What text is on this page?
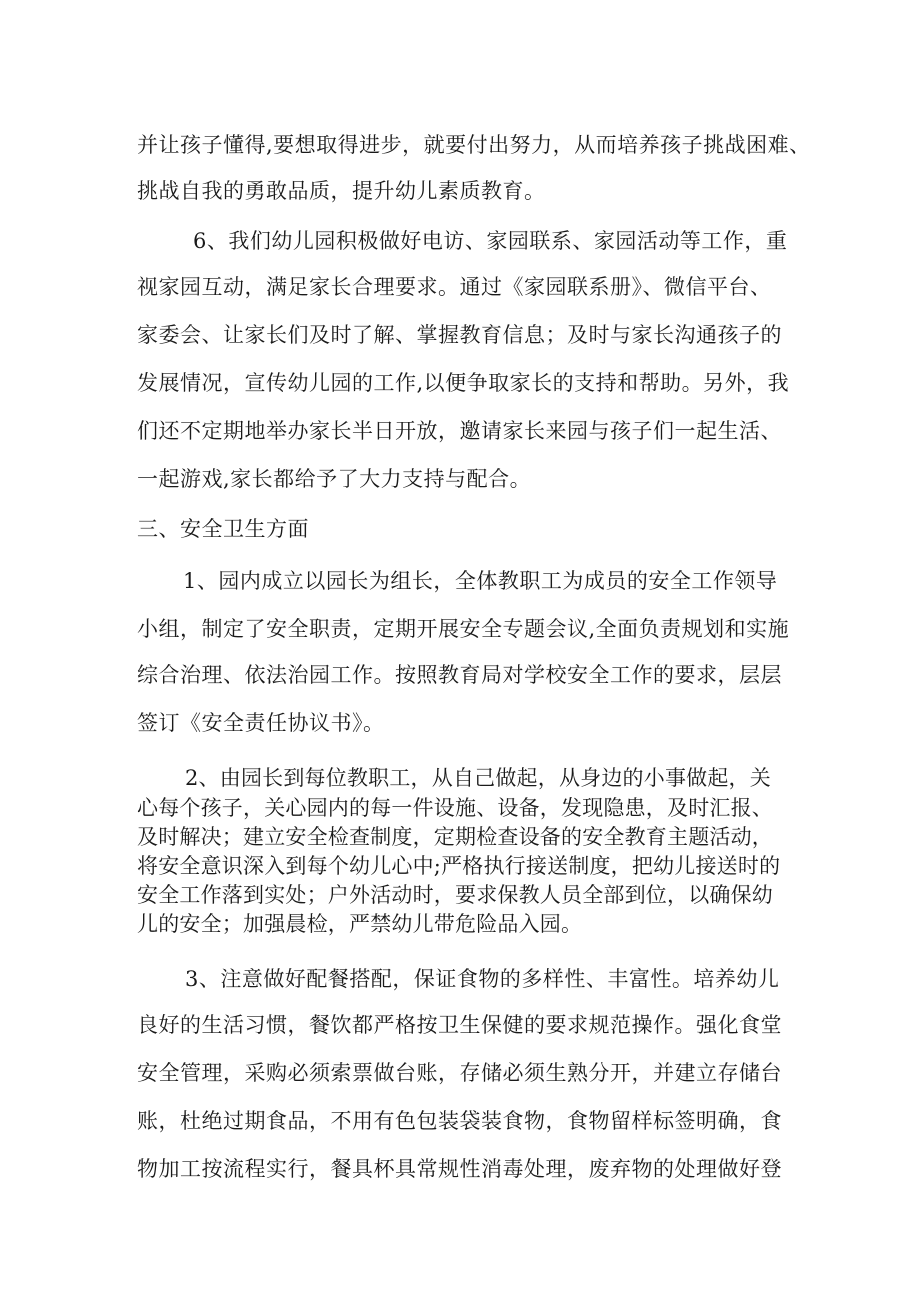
并让孩子懂得,要想取得进步，就要付出努力，从而培养孩子挑战困难、
挑战自我的勇敢品质，提升幼儿素质教育。
6、我们幼儿园积极做好电访、家园联系、家园活动等工作，重
视家园互动，满足家长合理要求。通过《家园联系册》、微信平台、
家委会、让家长们及时了解、掌握教育信息；及时与家长沟通孩子的
发展情况，宣传幼儿园的工作,以便争取家长的支持和帮助。另外，我
们还不定期地举办家长半日开放，邀请家长来园与孩子们一起生活、
一起游戏,家长都给予了大力支持与配合。
三、安全卫生方面
1、园内成立以园长为组长，全体教职工为成员的安全工作领导
小组，制定了安全职责，定期开展安全专题会议,全面负责规划和实施
综合治理、依法治园工作。按照教育局对学校安全工作的要求，层层
签订《安全责任协议书》。
2、由园长到每位教职工，从自己做起，从身边的小事做起，关
心每个孩子，关心园内的每一件设施、设备，发现隐患，及时汇报、
及时解决；建立安全检查制度，定期检查设备的安全教育主题活动，
将安全意识深入到每个幼儿心中;严格执行接送制度，把幼儿接送时的
安全工作落到实处；户外活动时，要求保教人员全部到位，以确保幼
儿的安全；加强晨检，严禁幼儿带危险品入园。
3、注意做好配餐搭配，保证食物的多样性、丰富性。培养幼儿
良好的生活习惯，餐饮都严格按卫生保健的要求规范操作。强化食堂
安全管理，采购必须索票做台账，存储必须生熟分开，并建立存储台
账，杜绝过期食品，不用有色包装袋装食物，食物留样标签明确，食
物加工按流程实行，餐具杯具常规性消毒处理，废弃物的处理做好登
